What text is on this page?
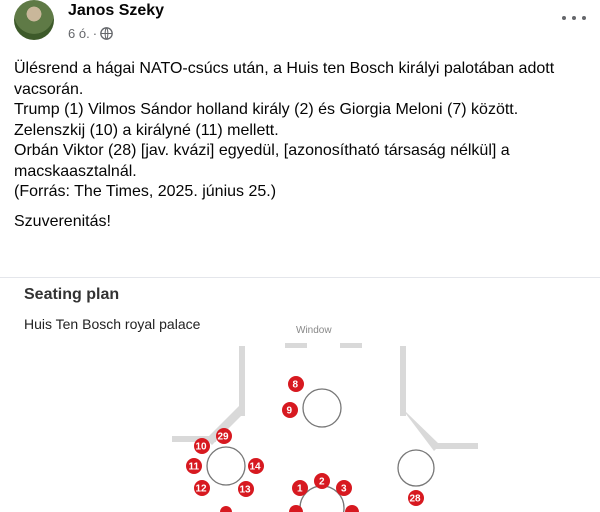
Janos Szeky
6 ó. ·

Ülésrend a hágai NATO-csúcs után, a Huis ten Bosch királyi palotában adott vacsorán.

Trump (1) Vilmos Sándor holland király (2) és Giorgia Meloni (7) között.

Zelenszkij (10) a királyné (11) mellett.

Orbán Viktor (28) [jav. kvázi] egyedül, [azonosítható társaság nélkül] a macskaasztalnál.

(Forrás: The Times, 2025. június 25.)

Szuverenitás!

Window
8
9
10
29
11	14
12	13	1
2
3
28
Seating plan
Huis Ten Bosch royal palace
